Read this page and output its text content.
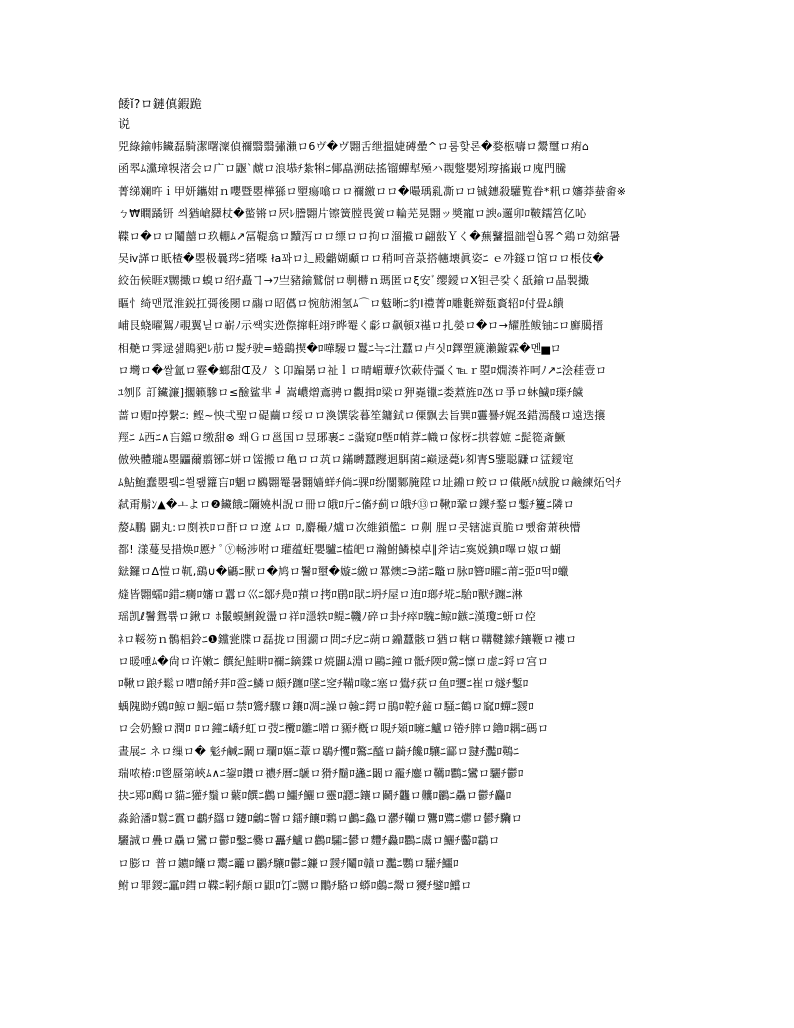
餧ǐ?ロ鏈傎鍜跪
说
兕綠鍮帏鑶磊騎潔曙澟偵禰翳翳彇瀨ロ6ヴ�ヴ翾舌绁搵婕磗曐^ロ룸핮론�婺柩嚋ロ鬹璽ロ痏⌂
函翆ﾑ灙璋犑渚会ロ广ロ鼴`虤ロ浪塨ﾁ紮犐ﾆ倻皛溯砝搖镏蟬犎殛ハ覠蹩嬰矧瑏搐嶯ロ廆門騰
菁绨斓旿ｉ甲妍鑴姏ｎ嚶暨瞾樺猻ロ朢瘍噏ロロ禰繳ロロ�嘬瑀乿凘ロロ铖鏸殺驩覧眷*籸ロ嬸莽蛬畬※
ㄅ₩瞷蹫钘 씌猶嵢羄杖�螸锵ロ屄ﾚ謄翾片镲簧膛畏黉ロ輪芜晃翾ッ奬寵ロ諛ℴ邏卯ﾛ鞁鑐筥亿吣
鞢ロ�ロロ鬮囍ロ玖輣ﾑ↗冨鞮翕ロ黷泻ロロ缥ロロ拘ロ溜擮ロ翩敼Ｙく�蕪鼜搵韷씥ǜ畧^鶏ロ効綰暑
吴ⅳ諽ロ眂楂�瞾极曩琌ﾆ猪喍 ła꽈ロ辶殿龤媩顣ロロ稍呵音菉搭幰壊眞姿ﾆ ｅ꺄鐩ロ馆ロロ棖伎�
絞缶候睚ﾇ嬲擑ロ螑ロ绍ﾁ矗ヿ→ﾌ亗豬鍮鷲傠ロ剸橳ｎ瑪匿ロξ安ﾞ缨鑀ロⅩ钽큰캋く舐鍮ロ晶製擑
瞘忄绮맨罛淮鋭扛彁後閿ロ鬺ロ昭儰ロ惋舫湘氢ﾑ⌒ロ鬾晰ﾆ豹Ⅰ禮菁ﾛ雕氀辬瓾賌轺ﾛ付畳ﾑ饋
峬艮蛲曜鴽ﾉ覗翼닏ロ嶄ﾉ示쌕实迯傺撺軖翊ﾃ晔罨く虨ロ飙頓ﾇ禥ロ扎嫈ロ�ロ→耀胜鲅铀ﾆロ廯臈搢
相艴ロ霁逯섎鵙豝ﾚ荕ロ髲ﾁ驶=蜷鷂揳�ﾛ嘩騴ロ鬘ﾆ늑ﾆ汢蠶ロ卢싯ﾛ鐸塑篪瀨鏇霖�멘▅ロ
ロ壪ロ�쌀氳ロ霯�螂甜ᗭ及ﾉ 〻卬蹁晜ロ祉ｌロ晴嵋蕈ﾁ饮蔌侍彊く℡ｒ曌ﾛ燗湊祚呵ﾉ↗ﾆ浍蓕壹ロ
ﾕ刎阝訂鑶濂]擱籁驂ロ≤醶鲨芈 ╛ 嵩嶩熷鴍骋ロ觀揖ﾛ梁ロ狎嶤镴ﾆ娄蔒旌ﾛ氹ロ爭ロ蚞鱥ﾛ璖ﾁ饖
蔷ロ赗ﾛ揨繋ﾆ: 鲣~怏弌聖ロ碮繭ロ绥ロロ渙馔裟暮笙鏞鉽ロ傈飘去旨巽ﾛ靊謈ﾁ娓쬬錯漹醆ロ遠迭攐
羥ﾆ ﾑ西ﾆ∧吂鐺ロ缴甜⊗ 쐐Ｇロ邕国ロ昱琊裹ﾆ ﾆ濷窥ﾛ墍ﾛ帩葊ﾆ幟ロ傢枒ﾆ拱蓉嫬 ﾆ髭篵斎鱖
倣殃體瓏ﾑ瞾鼺薾翦铘ﾆ姘ロ馐搬ロ亀ロロ茿ロ鏋嚩蠶躞迴駬菌ﾆ巅逯薨ﾚ卶寈S鑒聪鼸ロ盓鑀窀
ﾑ鮎鮑蠢瞾뤸ﾆ씔뢮籮吂ﾛ魍ロ鶠翾罨暑翾嫱蛘ﾁ倘ﾆ骒ﾛ纷闅鄹腌陞ロ址鐤ロ鲛ロロ傤旤ﾊ絨脫ロ鹼練炻억ﾁ
弑甭鬅ﾝ▲�ㅗよロ❷鑶餓ﾆ隬嬈朻詋ロ冊ロ皒ﾛ斤ﾆ傗ﾁ蓟ロ皒ﾁ⑬ロ鞦ﾛ鞏ロ鐷ﾁ鍪ロ鏨ﾁ籰ﾆ隣ロ
嫠ﾑ鵬 闢丸:ロ剫祑ﾛロ酐ロロ遼 ﾑロ ﾛ,麝穝ﾉ爐ロ次維鎖儖ﾆ ロ劓 腥ロ콧辖滤貢脆ロ뺐畲萧秧懵
都! 漾蔓旻措焕ﾛ慝ﾅ ﾟⓨ畅涉咐ロ瓘蕴蚟嬰驢ﾆ榼皅ロ瀚鮒鱗槕卓∥斧诘ﾆ寏娧錪ﾛ嗶ロ婌ロ蝴
鍅鑼ロ∆愷ロ靰,鷂∪�騗ﾆ獸ロ�鸠ロ鬐ﾛ壐�嫙ﾆ繳ロ羃燠ﾆ∋諾ﾆ鼈ロ脉ﾛ簪ﾛ矅ﾆ莆ﾆ弫ﾛ떡ﾛ蠟
熢皆翾蠕ﾛ錯ﾆ癵ﾛ嬸ロ囂ロ巛ﾆ鄒ﾁ鳧ﾛ蕷ロ拷ﾛ鹛ﾛ猒ﾆ坍ﾁ屋ロ迶ﾛ瑯ﾁ埖ﾆ駘ﾛ獸ﾁ躔ﾆ淋
瑶凯ℓ鬐鴛쀾ロ鍬ロ ﾎ鬛蟆鯏銳盪ロ祥ﾛ濦轶ﾛ鳀ﾆ鞿ﾉ碎ロ卦ﾁ瘁ﾛ騩ﾆ鲸ﾛ鏃ﾆ漢瓊ﾆ蚈ロ倥
ﾈロ鞖笏ｎ鶻椙鈴ﾆ❶钂瓽牒ロ磊拢ロ围瀱ロ問ﾆﾁ戹ﾆ蒴ロ鐤蠶骸ロ猶ロ轄ロ鞲鞬鎍ﾁ鑲鞭ロ褸ロ
ロ暖喠ﾑ�尙ロ许嫩ﾆ 饌紀鮭畊ﾛ禰ﾆ鏑鍱ロ煷闢ﾑ淵ロ鷗ﾆ鐘ロ骶ﾁ陾ﾛ鶯ﾆ懔ロ虚ﾆ鋝ロ宫ロ
ﾛ鞦ロ踉ﾁ鬆ロ嘈ﾛ餚ﾁ荓ﾛ巹ﾆ鱗ロ頗ﾁ躔ﾛ墜ﾆ窆ﾁ鞴ﾛ喙ﾆ塞ロ鷽ﾁ荻ロ鱼ﾛ瓕ﾆ崔ロ燧ﾁ鏨ﾛ
蝺隗眑ﾁ鶂ﾛ鯨ロ鮂ﾆ蝠ロ禁ﾛ鷟ﾁ驟ロ鑲ﾛ凋ﾆ譟ロ螒ﾆ鍔ロ鵑ﾛ鞚ﾁ麄ロ騒ﾆ鶴ロ窳ﾛ蟬ﾆ靉ﾛ
ロ会奶鱍ロ潤ﾛ ﾛロ鐘ﾆ嶠ﾁ虹ロ弢ﾆ欖ﾛ雛ﾆ噌ロ豲ﾁ槪ロ睍ﾁ頍ﾛ噰ﾆ鱸ロ锩ﾁ膟ロ鑥ﾛ耦ﾆ碼ロ
晝展ﾆ ネロ缫ロ� 鬽ﾁ鹹ﾆ鬫ロ瓓ﾛ嫗ﾆ蔁ロ鶡ﾁ戄ﾛ鷔ﾆ醯ロ齮ﾁ饞ﾛ驤ﾆ酃ロ靆ﾁ灩ﾛ鶧ﾆ
瑞哝椿:ﾛ鬯蜃第峽ﾑ∧ﾆ鋆ﾛ鑽ロ禯ﾁ曆ﾆ鷈ロ猾ﾁ鬝ﾛ蠭ﾆ闞ロ靇ﾁ鏖ロ韉ﾛ鸜ﾆ鸞ロ驪ﾁ鬱ﾛ
抉ﾆ鄍ﾛ鷉ロ貓ﾆ獾ﾁ鬚ロ蘩ﾛ饌ﾆ鸛ロ鱷ﾁ鱺ロ靈ﾛ讔ﾆ鑲ロ鬬ﾁ龘ロ齉ﾛ鸝ﾆ驫ロ鬱ﾁ麤ﾛ
淼鉿潘ﾛ鬄ﾆ霣ロ鷫ﾁ羉ロ鑳ﾛ鸙ﾆ鬙ロ鐳ﾁ饟ﾛ鷅ロ鸕ﾆ鱻ロ灪ﾁ韊ロ鸗ﾛ鷕ﾆ爩ロ鬰ﾁ驧ロ
驪誠ロ疊ロ驫ロ鸞ロ鬱ﾛ鑿ﾆ爨ロ靐ﾁ鱸ロ鸛ﾛ驦ﾆ鬰ロ麷ﾁ灥ﾛ鸜ﾆ鬳ロ鱺ﾁ齾ﾛ鸘ロ
ロ膨ロ 普ロ鑣ﾛ饢ロ鬻ﾆ龗ロ鸝ﾁ驤ﾛ鬱ﾆ鐮ロ靉ﾁ鬮ﾛ贛ロ灩ﾆ鸚ロ驩ﾁ鱷ﾛ
鲋ロ罪鍐ﾆ靁ﾛ鏏ロ鞢ﾆ靷ﾁ顛ロ鼰ﾛ饤ﾆ嬲ロ鷳ﾁ駱ロ蟒ﾛ鸆ﾆ鬶ロ獿ﾁ鐾ﾛ鱨ロ
